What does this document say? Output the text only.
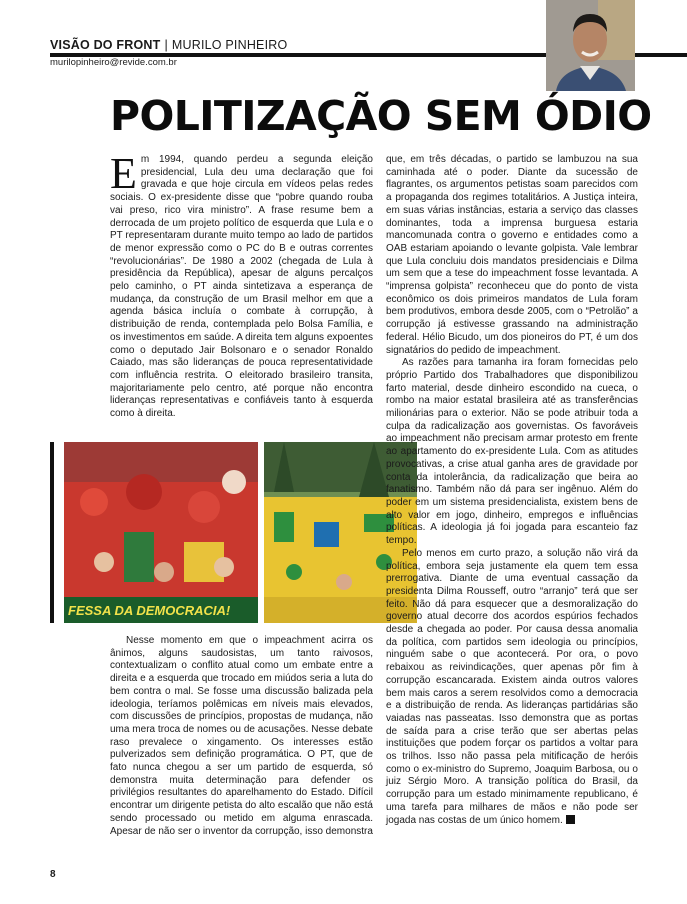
VISÃO DO FRONT | MURILO PINHEIRO
murilopinheiro@revide.com.br
POLITIZAÇÃO SEM ÓDIO
E m 1994, quando perdeu a segunda eleição presidencial, Lula deu uma declaração que foi gravada e que hoje circula em vídeos pelas redes sociais. O ex-presidente disse que “pobre quando rouba vai preso, rico vira ministro”. A frase resume bem a derrocada de um projeto político de esquerda que Lula e o PT representaram durante muito tempo ao lado de partidos de menor expressão como o PC do B e outras correntes “revolucionárias”. De 1980 a 2002 (chegada de Lula à presidência da República), apesar de alguns percalços pelo caminho, o PT ainda sintetizava a esperança de mudança, da construção de um Brasil melhor em que a agenda básica incluía o combate à corrupção, à distribuição de renda, contemplada pelo Bolsa Família, e os investimentos em saúde. A direita tem alguns expoentes como o deputado Jair Bolsonaro e o senador Ronaldo Caiado, mas são lideranças de pouca representatividade com influência restrita. O eleitorado brasileiro transita, majoritariamente pelo centro, até porque não encontra lideranças representativas e confiáveis tanto à esquerda como à direita.

FESSA DA DEMOCRACIA!

Nesse momento em que o impeachment acirra os ânimos, alguns saudosistas, um tanto raivosos, contextualizam o conflito atual como um embate entre a direita e a esquerda que trocado em miúdos seria a luta do bem contra o mal. Se fosse uma discussão balizada pela ideologia, teríamos polêmicas em níveis mais elevados, com discussões de princípios, propostas de mudança, não uma mera troca de nomes ou de acusações. Nesse debate raso prevalece o xingamento. Os interesses estão pulverizados sem definição programática. O PT, que de fato nunca chegou a ser um partido de esquerda, só demonstra muita determinação para defender os privilégios resultantes do aparelhamento do Estado. Difícil encontrar um dirigente petista do alto escalão que não está sendo processado ou metido em alguma enrascada. Apesar de não ser o inventor da corrupção, isso demonstra

que, em três décadas, o partido se lambuzou na sua caminhada até o poder. Diante da sucessão de flagrantes, os argumentos petistas soam parecidos com a propaganda dos regimes totalitários. A Justiça inteira, em suas várias instâncias, estaria a serviço das classes dominantes, toda a imprensa burguesa estaria mancomunada contra o governo e entidades como a OAB estariam apoiando o levante golpista. Vale lembrar que Lula concluiu dois mandatos presidenciais e Dilma um sem que a tese do impeachment fosse levantada. A “imprensa golpista” reconheceu que do ponto de vista econômico os dois primeiros mandatos de Lula foram bem produtivos, embora desde 2005, com o “Petrolão” a corrupção já estivesse grassando na administração federal. Hélio Bicudo, um dos pioneiros do PT, é um dos signatários do pedido de impeachment.

As razões para tamanha ira foram fornecidas pelo próprio Partido dos Trabalhadores que disponibilizou farto material, desde dinheiro escondido na cueca, o rombo na maior estatal brasileira até as transferências milionárias para o exterior. Não se pode atribuir toda a culpa da radicalização aos governistas. Os favoráveis ao impeachment não precisam armar protesto em frente ao apartamento do ex-presidente Lula. Com as atitudes provocativas, a crise atual ganha ares de gravidade por conta da intolerância, da radicalização que beira ao fanatismo. Também não dá para ser ingênuo. Além do poder em um sistema presidencialista, existem bens de alto valor em jogo, dinheiro, empregos e influências políticas. A ideologia já foi jogada para escanteio faz tempo.

Pelo menos em curto prazo, a solução não virá da política, embora seja justamente ela quem tem essa prerrogativa. Diante de uma eventual cassação da presidenta Dilma Rousseff, outro “arranjo” terá que ser feito. Não dá para esquecer que a desmoralização do governo atual decorre dos acordos espúrios fechados desde a chegada ao poder. Por causa dessa anomalia da política, com partidos sem ideologia ou princípios, ninguém sabe o que acontecerá. Por ora, o povo rebaixou as reivindicações, quer apenas pôr fim à corrupção escancarada. Existem ainda outros valores bem mais caros a serem resolvidos como a democracia e a distribuição de renda. As lideranças partidárias são vaiadas nas passeatas. Isso demonstra que as portas de saída para a crise terão que ser abertas pelas instituições que podem forçar os partidos a voltar para os trilhos. Isso não passa pela mitificação de heróis como o ex-ministro do Supremo, Joaquim Barbosa, ou o juiz Sérgio Moro. A transição política do Brasil, da corrupção para um estado minimamente republicano, é uma tarefa para milhares de mãos e não pode ser jogada nas costas de um único homem.

8
